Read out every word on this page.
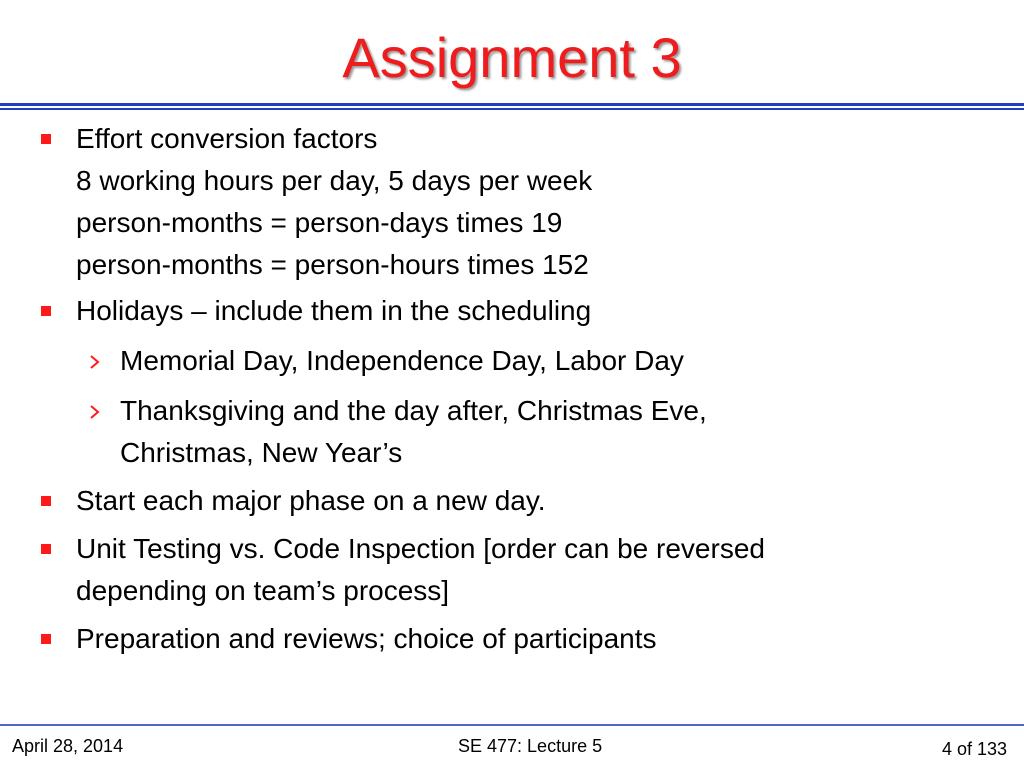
Assignment 3
Effort conversion factors
8 working hours per day, 5 days per week
person-months = person-days times 19
person-months = person-hours times 152
Holidays – include them in the scheduling
Memorial Day, Independence Day, Labor Day
Thanksgiving and the day after, Christmas Eve,
Christmas, New Year’s
Start each major phase on a new day.
Unit Testing vs. Code Inspection [order can be reversed
depending on team’s process]
Preparation and reviews; choice of participants
April 28, 2014	SE 477: Lecture 5	4 of 133
